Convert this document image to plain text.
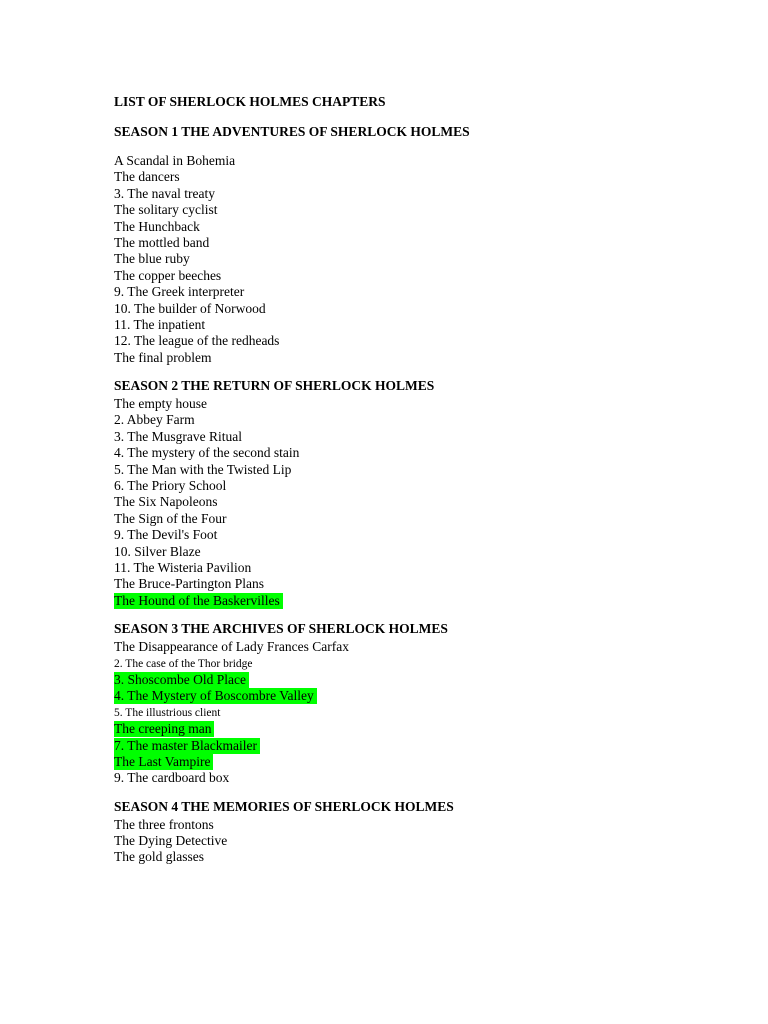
LIST OF SHERLOCK HOLMES CHAPTERS
SEASON 1 THE ADVENTURES OF SHERLOCK HOLMES
A Scandal in Bohemia
The dancers
3. The naval treaty
The solitary cyclist
The Hunchback
The mottled band
The blue ruby
The copper beeches
9. The Greek interpreter
10. The builder of Norwood
11. The inpatient
12. The league of the redheads
The final problem
SEASON 2 THE RETURN OF SHERLOCK HOLMES
The empty house
2. Abbey Farm
3. The Musgrave Ritual
4. The mystery of the second stain
5. The Man with the Twisted Lip
6. The Priory School
The Six Napoleons
The Sign of the Four
9. The Devil's Foot
10. Silver Blaze
11. The Wisteria Pavilion
The Bruce-Partington Plans
The Hound of the Baskervilles
SEASON 3 THE ARCHIVES OF SHERLOCK HOLMES
The Disappearance of Lady Frances Carfax
2. The case of the Thor bridge
3. Shoscombe Old Place
4. The Mystery of Boscombre Valley
5. The illustrious client
The creeping man
7. The master Blackmailer
The Last Vampire
9. The cardboard box
SEASON 4 THE MEMORIES OF SHERLOCK HOLMES
The three frontons
The Dying Detective
The gold glasses
